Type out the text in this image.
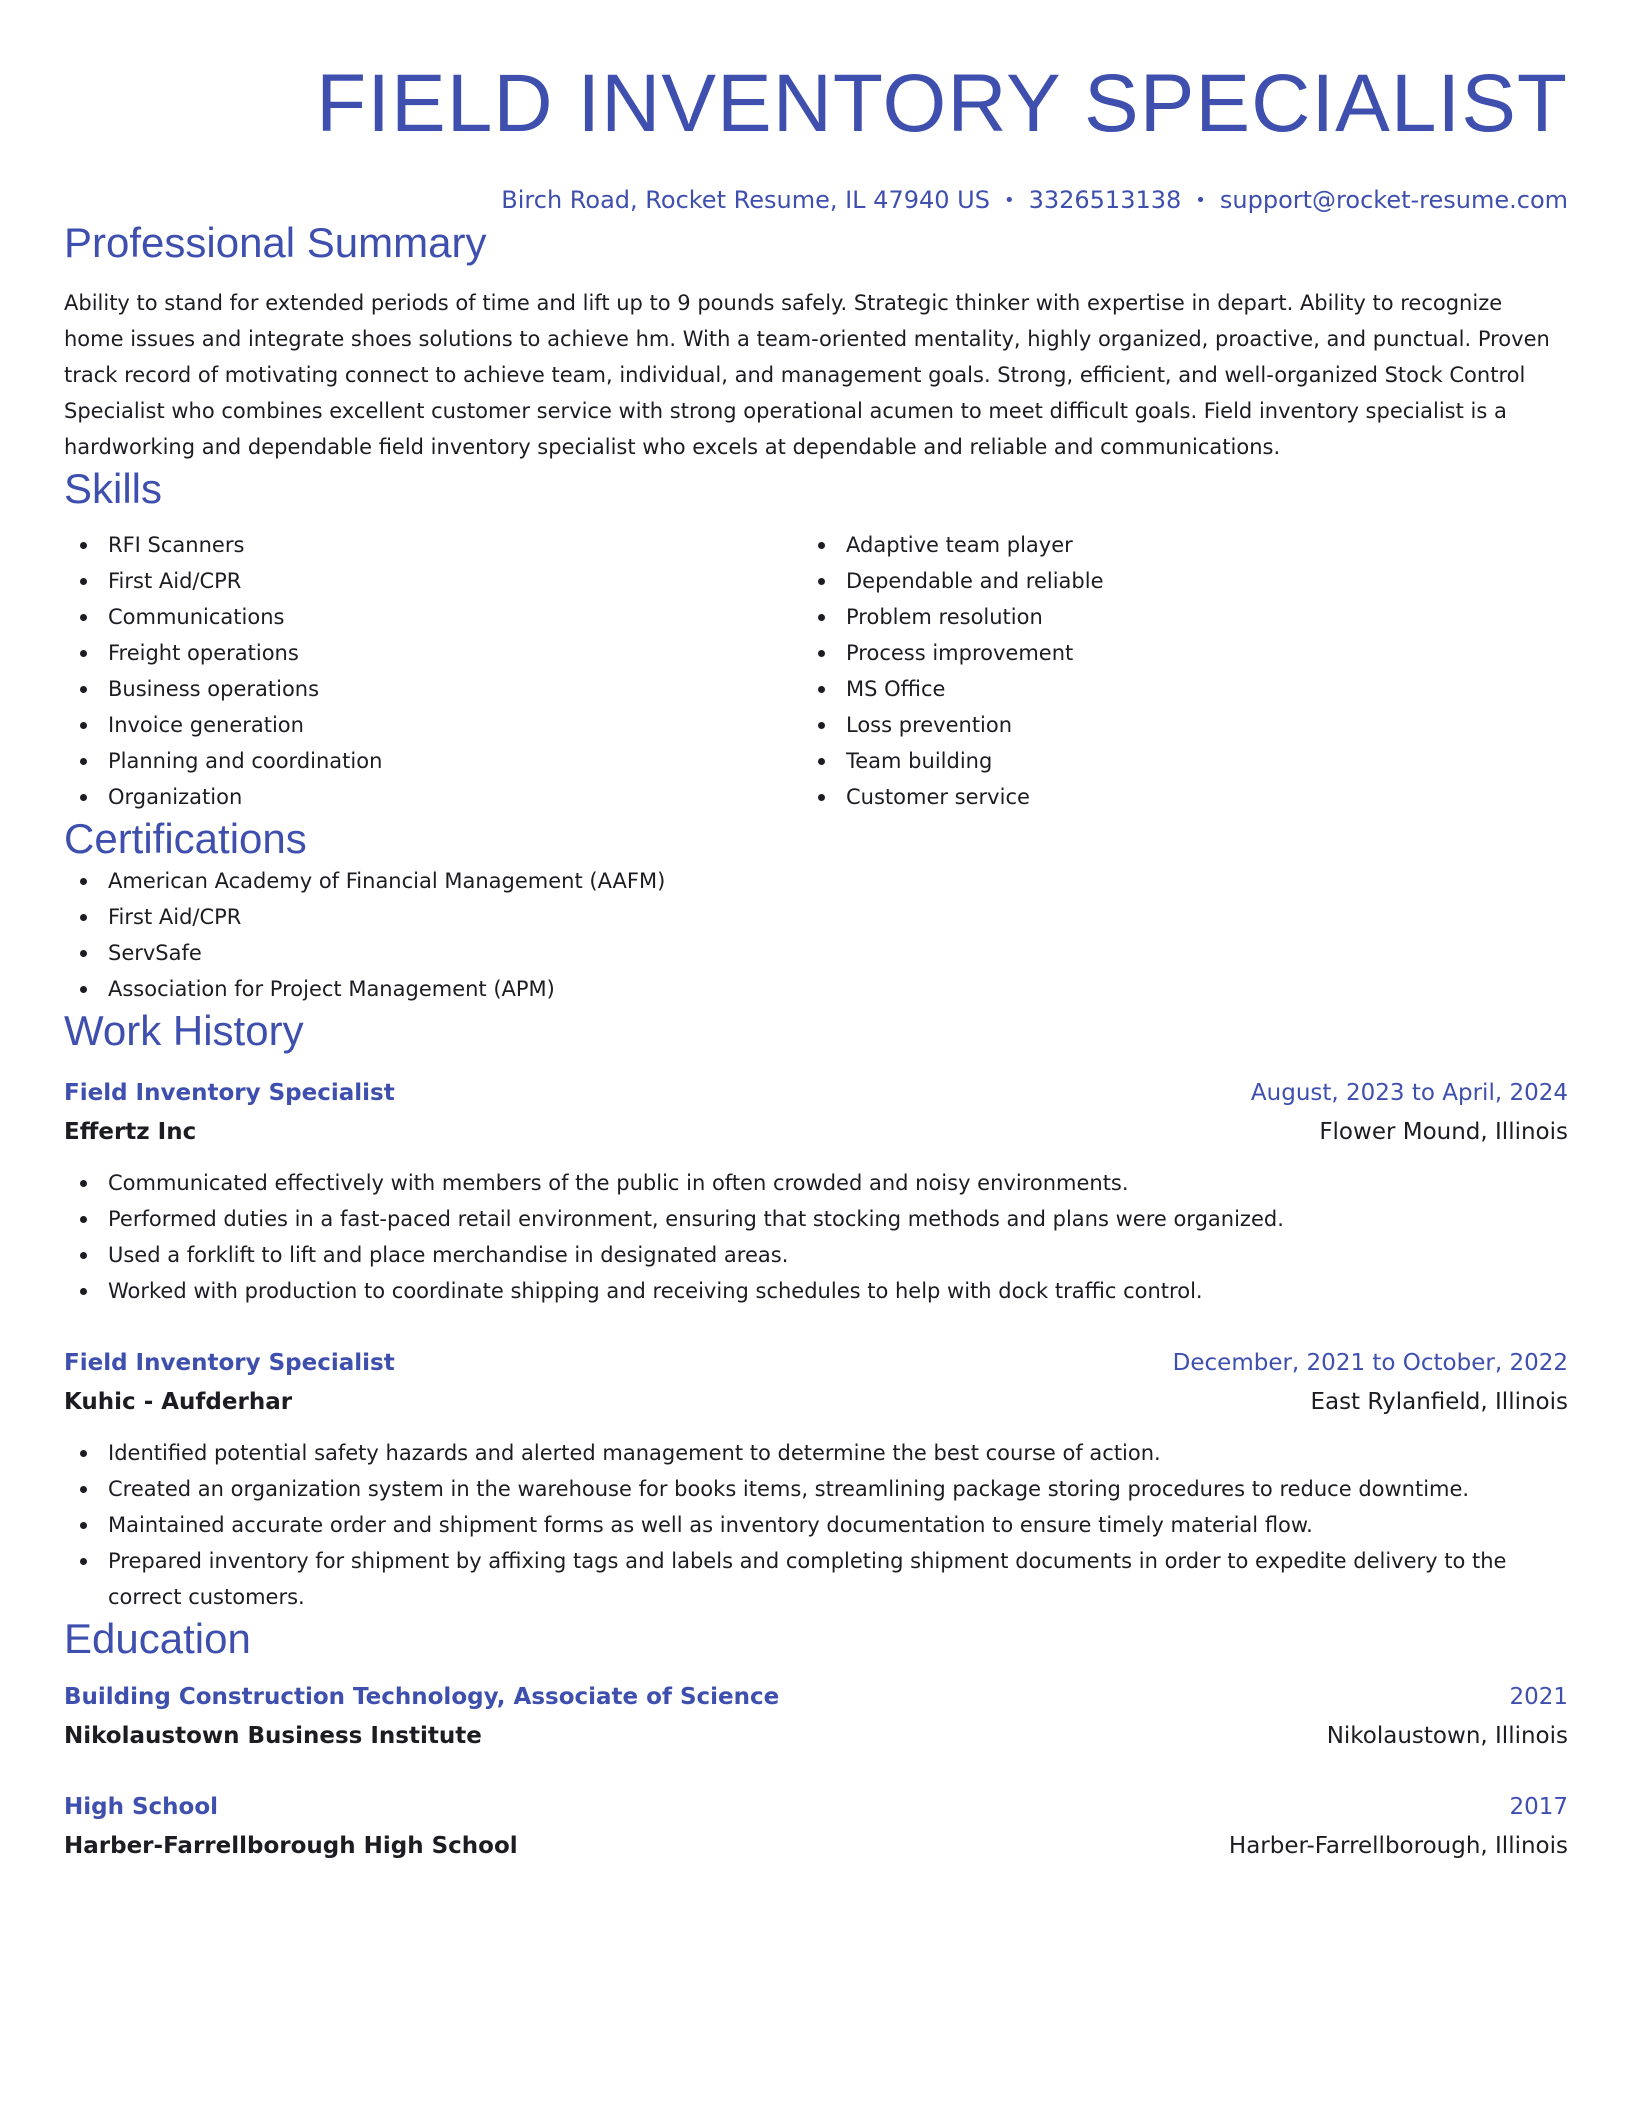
FIELD INVENTORY SPECIALIST
Birch Road, Rocket Resume, IL 47940 US • 3326513138 • support@rocket-resume.com
Professional Summary
Ability to stand for extended periods of time and lift up to 9 pounds safely. Strategic thinker with expertise in depart. Ability to recognize home issues and integrate shoes solutions to achieve hm. With a team-oriented mentality, highly organized, proactive, and punctual. Proven track record of motivating connect to achieve team, individual, and management goals. Strong, efficient, and well-organized Stock Control Specialist who combines excellent customer service with strong operational acumen to meet difficult goals. Field inventory specialist is a hardworking and dependable field inventory specialist who excels at dependable and reliable and communications.
Skills
RFI Scanners
First Aid/CPR
Communications
Freight operations
Business operations
Invoice generation
Planning and coordination
Organization
Adaptive team player
Dependable and reliable
Problem resolution
Process improvement
MS Office
Loss prevention
Team building
Customer service
Certifications
American Academy of Financial Management (AAFM)
First Aid/CPR
ServSafe
Association for Project Management (APM)
Work History
Field Inventory Specialist	August, 2023 to April, 2024
Effertz Inc	Flower Mound, Illinois
Communicated effectively with members of the public in often crowded and noisy environments.
Performed duties in a fast-paced retail environment, ensuring that stocking methods and plans were organized.
Used a forklift to lift and place merchandise in designated areas.
Worked with production to coordinate shipping and receiving schedules to help with dock traffic control.
Field Inventory Specialist	December, 2021 to October, 2022
Kuhic - Aufderhar	East Rylanfield, Illinois
Identified potential safety hazards and alerted management to determine the best course of action.
Created an organization system in the warehouse for books items, streamlining package storing procedures to reduce downtime.
Maintained accurate order and shipment forms as well as inventory documentation to ensure timely material flow.
Prepared inventory for shipment by affixing tags and labels and completing shipment documents in order to expedite delivery to the correct customers.
Education
Building Construction Technology, Associate of Science	2021
Nikolaustown Business Institute	Nikolaustown, Illinois
High School	2017
Harber-Farrellborough High School	Harber-Farrellborough, Illinois
